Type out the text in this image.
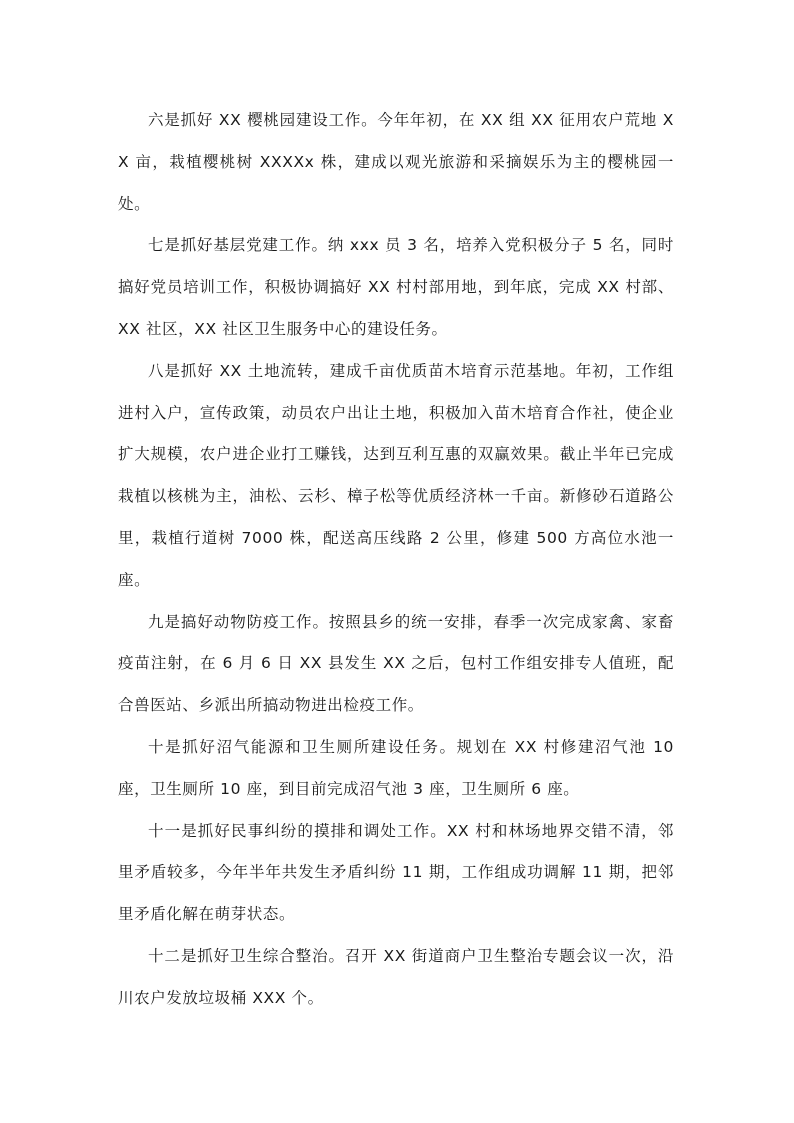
六是抓好 XX 樱桃园建设工作。今年年初，在 XX 组 XX 征用农户荒地 XX 亩，栽植樱桃树 XXXXx 株，建成以观光旅游和采摘娱乐为主的樱桃园一处。

七是抓好基层党建工作。纳 xxx 员 3 名，培养入党积极分子 5 名，同时搞好党员培训工作，积极协调搞好 XX 村村部用地，到年底，完成 XX 村部、XX 社区，XX 社区卫生服务中心的建设任务。

八是抓好 XX 土地流转，建成千亩优质苗木培育示范基地。年初，工作组进村入户，宣传政策，动员农户出让土地，积极加入苗木培育合作社，使企业扩大规模，农户进企业打工赚钱，达到互利互惠的双赢效果。截止半年已完成栽植以核桃为主，油松、云杉、樟子松等优质经济林一千亩。新修砂石道路公里，栽植行道树 7000 株，配送高压线路 2 公里，修建 500 方高位水池一座。

九是搞好动物防疫工作。按照县乡的统一安排，春季一次完成家禽、家畜疫苗注射，在 6 月 6 日 XX 县发生 XX 之后，包村工作组安排专人值班，配合兽医站、乡派出所搞动物进出检疫工作。

十是抓好沼气能源和卫生厕所建设任务。规划在 XX 村修建沼气池 10 座，卫生厕所 10 座，到目前完成沼气池 3 座，卫生厕所 6 座。

十一是抓好民事纠纷的摸排和调处工作。XX 村和林场地界交错不清，邻里矛盾较多，今年半年共发生矛盾纠纷 11 期，工作组成功调解 11 期，把邻里矛盾化解在萌芽状态。

十二是抓好卫生综合整治。召开 XX 街道商户卫生整治专题会议一次，沿川农户发放垃圾桶 XXX 个。
